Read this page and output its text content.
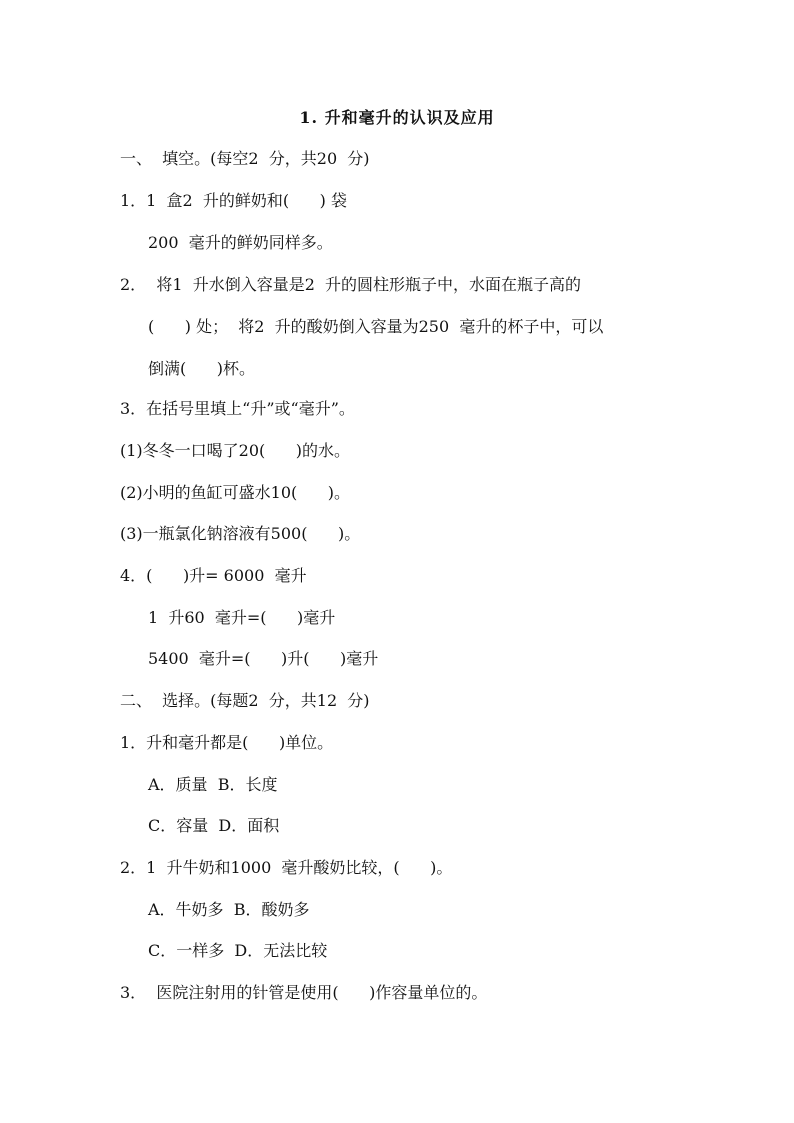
1. 升和毫升的认识及应用

一、  填空。(每空2  分，共20  分)

1．1  盒2  升的鲜奶和(      ) 袋

200  毫升的鲜奶同样多。

2．  将1  升水倒入容量是2  升的圆柱形瓶子中，水面在瓶子高的

(      ) 处；  将2  升的酸奶倒入容量为250  毫升的杯子中，可以

倒满(      )杯。

3．在括号里填上“升”或“毫升”。

(1)冬冬一口喝了20(      )的水。

(2)小明的鱼缸可盛水10(      )。

(3)一瓶氯化钠溶液有500(      )。

4．(      )升= 6000  毫升

1  升60  毫升=(      )毫升

5400  毫升=(      )升(      )毫升

二、  选择。(每题2  分，共12  分)

1．升和毫升都是(      )单位。

A．质量  B．长度

C．容量  D．面积

2．1  升牛奶和1000  毫升酸奶比较，(      )。

A．牛奶多  B．酸奶多

C．一样多  D．无法比较

3．  医院注射用的针管是使用(      )作容量单位的。
